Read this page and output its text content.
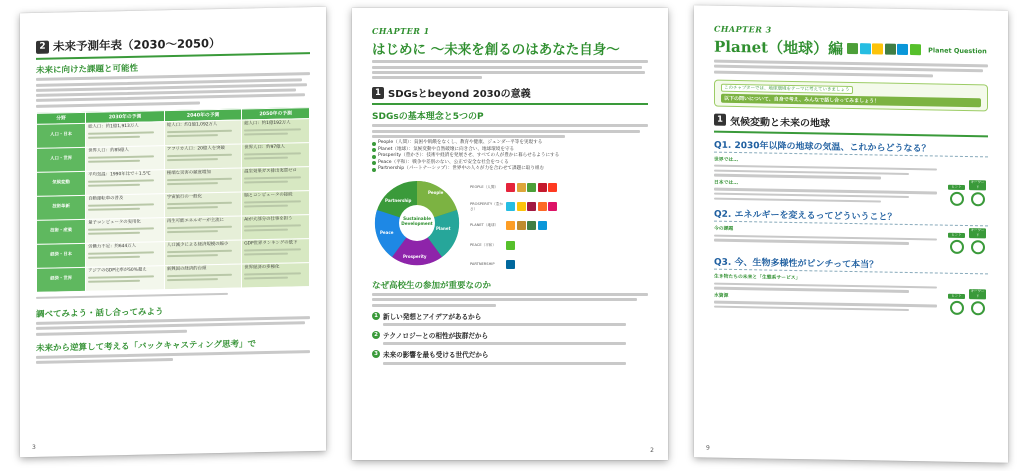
2 未来予測年表（2030～2050）
未来に向けた課題と可能性
分野	2030年の予測	2040年の予測	2050年の予測
人口・日本	総人口：約1億1,913万人	総人口：約1億1,092万人	総人口：約1億192万人

人口・世界	世界人口：約85億人	アフリカ人口：20億人を突破	世界人口：約97億人

気候変動	平均気温：1990年比で＋1.5℃	極端な災害の頻度増加	温室効果ガス排出実質ゼロ

技術革新	自動運転車の普及	宇宙旅行の一般化	脳とコンピュータの接続

技術・産業	量子コンピュータの実用化	再生可能エネルギーが主流に	AIが大部分の仕事を担う

経済・日本	労働力不足：約644万人	人口減少による経済規模の縮小	GDP世界ランキングの低下

経済・世界	アジアのGDP比率が50%超え	新興国の経済的台頭	世界経済の多極化
調べてみよう・話し合ってみよう
未来から逆算して考える「バックキャスティング思考」で
3
CHAPTER 1
はじめに ～未来を創るのはあなた自身～
1 SDGsとbeyond 2030の意義
SDGsの基本理念と5つのP
People（人間）：貧困や飢餓をなくし、教育や健康、ジェンダー平等を実現する
Planet（地球）：気候変動や自然破壊に向き合い、地球環境を守る
Prosperity（豊かさ）：技術や経済を発展させ、すべての人が豊かに暮らせるようにする
Peace（平和）：戦争や差別のない、公正で安全な社会をつくる
Partnership（パートナーシップ）：世界中の人々が力を合わせて課題に取り組む
Sustainable Development
People
Planet
Prosperity
Peace
Partnership
PEOPLE（人間）
PROSPERITY（豊かさ）
PLANET（地球）
PEACE（平和）
PARTNERSHIP
なぜ高校生の参加が重要なのか
1 新しい発想とアイデアがあるから
2 テクノロジーとの相性が抜群だから
3 未来の影響を最も受ける世代だから
2
CHAPTER 3
Planet（地球）編	Planet Question
このチャプターでは、地球環境をテーマに考えていきましょう
以下の問いについて、自身で考え、みんなで話し合ってみましょう！
1 気候変動と未来の地球
Q1. 2030年以降の地球の気温、これからどうなる？
世界では…
日本では…
ヒント
キーワード
Q2. エネルギーを変えるってどういうこと？
今の課題
ヒント
キーワード
Q3. 今、生物多様性がピンチって本当？
生き物たちの未来と「生態系サービス」
水資源	ヒント
キーワード
9
